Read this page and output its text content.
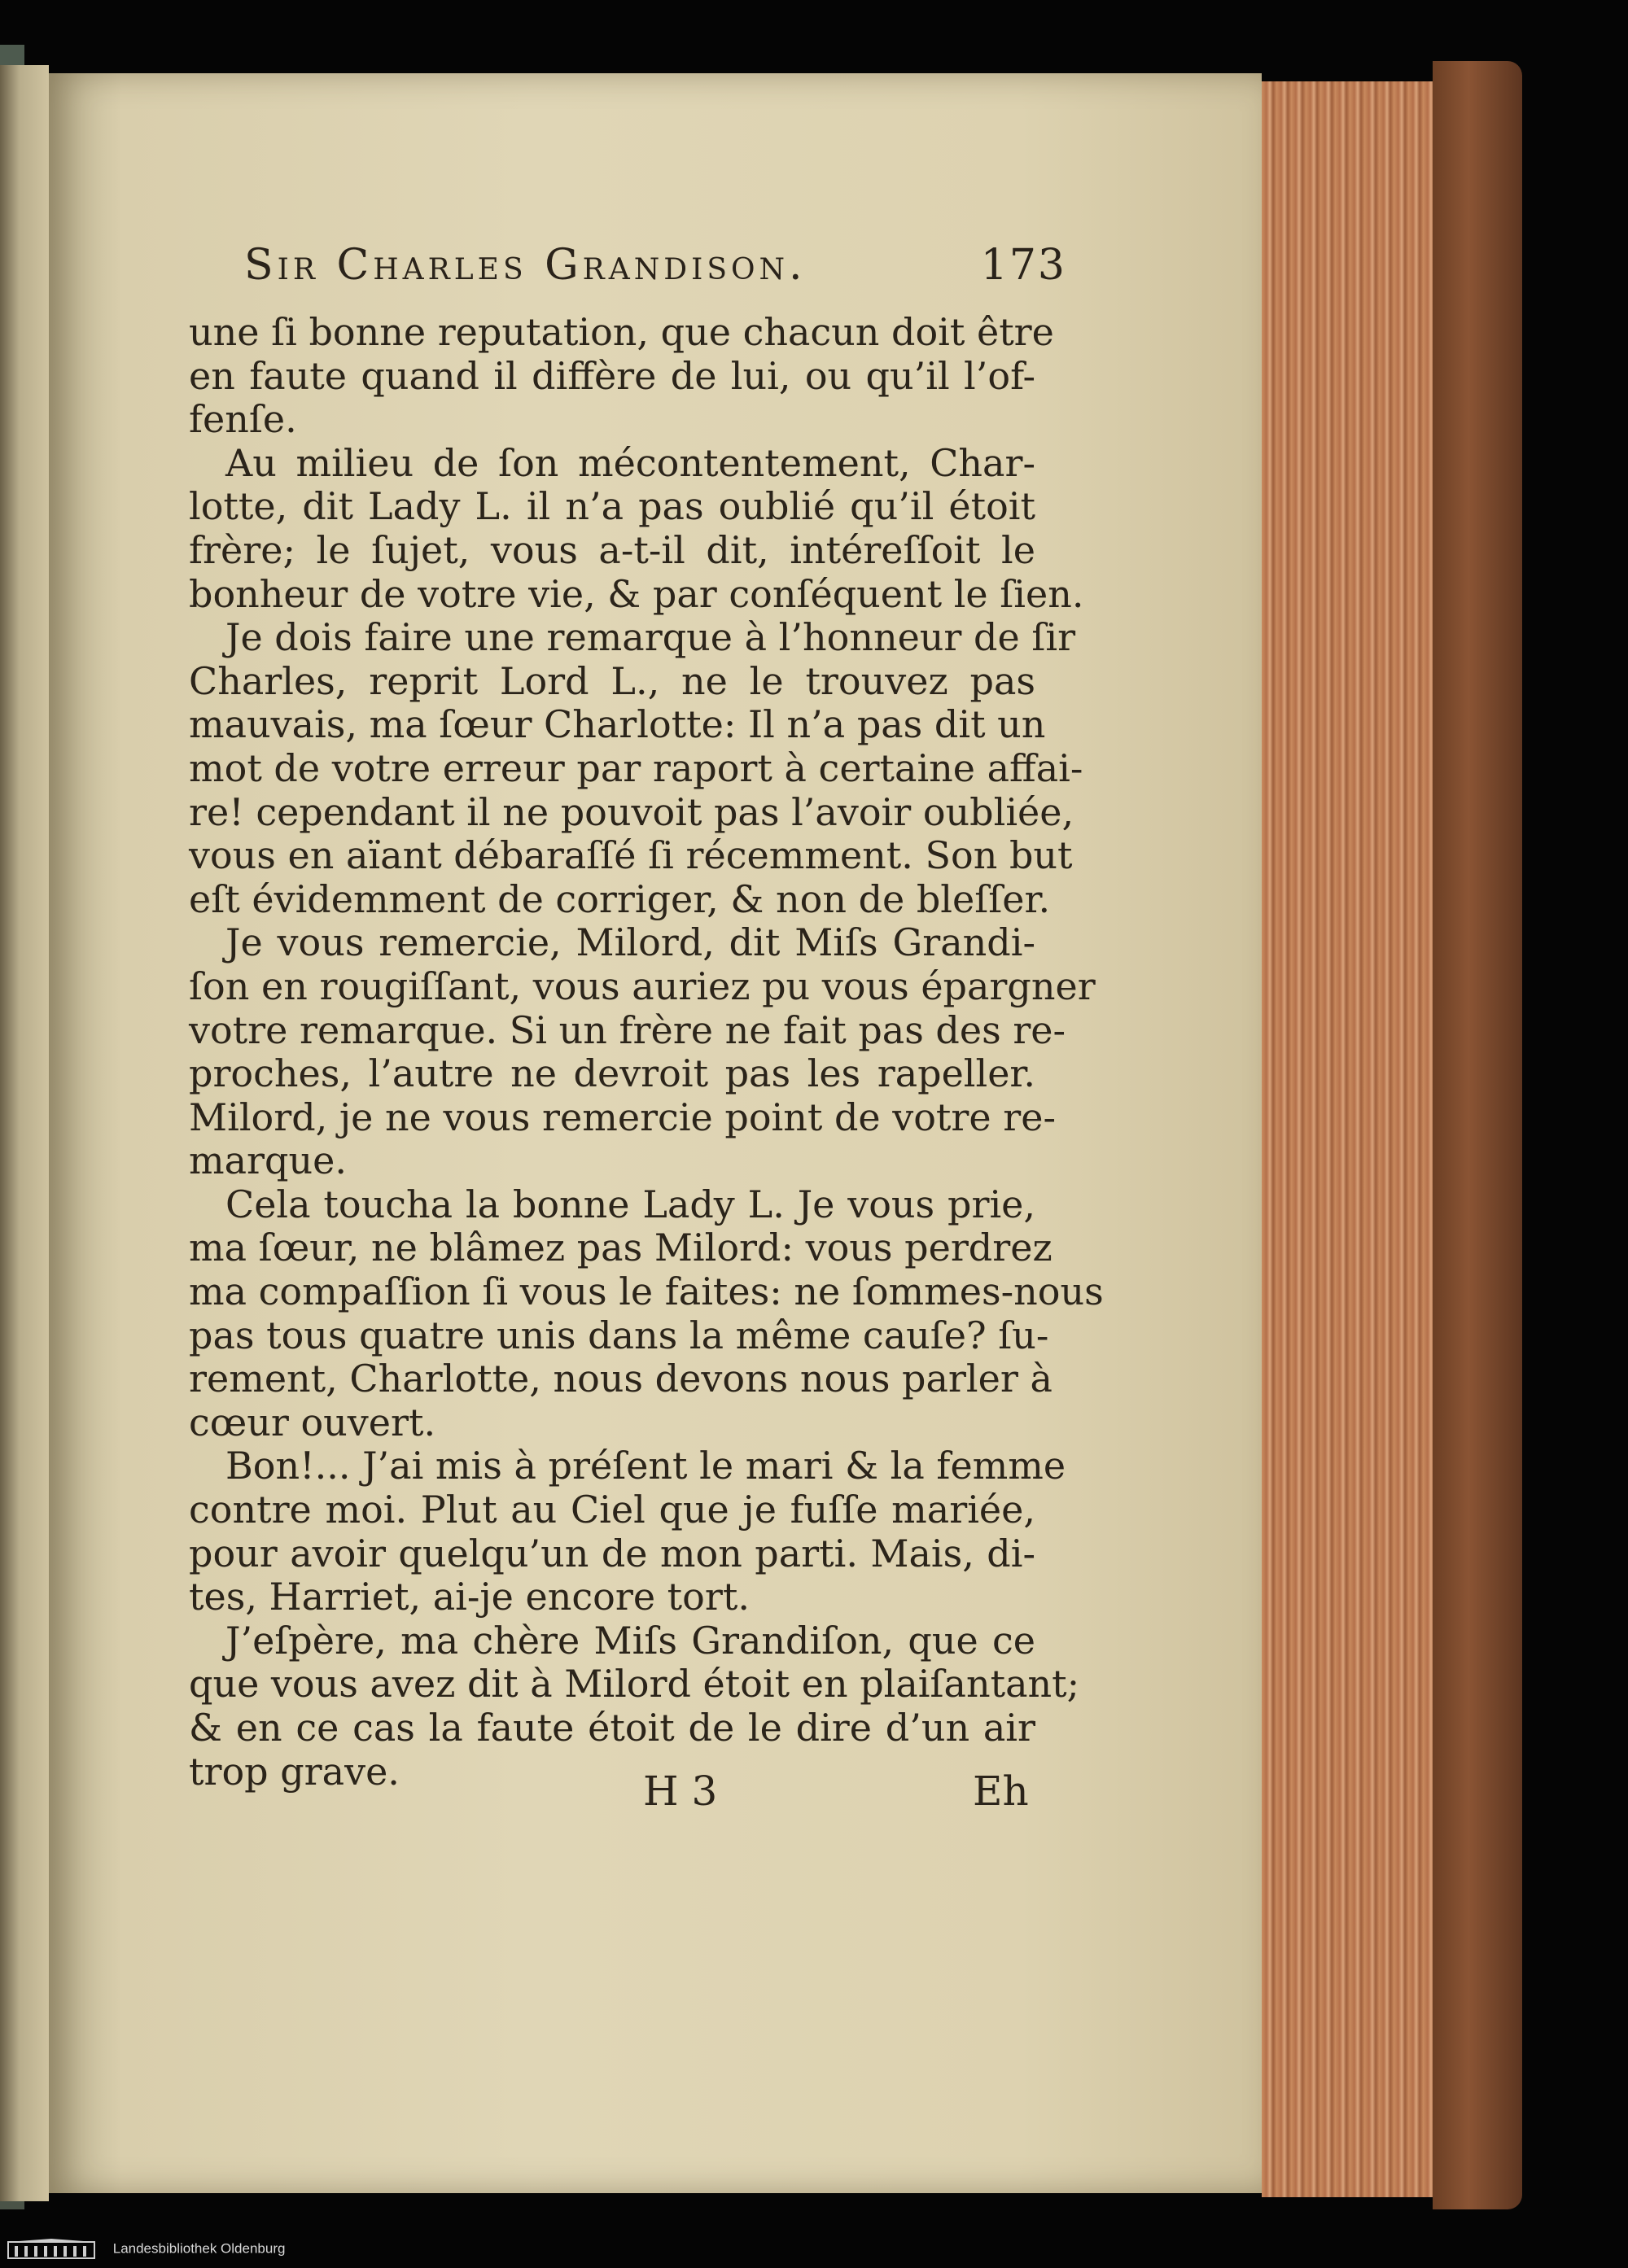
Sir Charles Grandison.	173
une ſi bonne reputation, que chacun doit être
en faute quand il diffère de lui, ou qu’il l’of-
fenſe.
Au milieu de ſon mécontentement, Char-
lotte, dit Lady L. il n’a pas oublié qu’il étoit
frère; le ſujet, vous a-t-il dit, intéreſſoit le
bonheur de votre vie, & par conſéquent le ſien.
Je dois faire une remarque à l’honneur de ſir
Charles, reprit Lord L., ne le trouvez pas
mauvais, ma ſœur Charlotte: Il n’a pas dit un
mot de votre erreur par raport à certaine affai-
re! cependant il ne pouvoit pas l’avoir oubliée,
vous en aïant débaraſſé ſi récemment. Son but
eſt évidemment de corriger, & non de bleſſer.
Je vous remercie, Milord, dit Miſs Grandi-
ſon en rougiſſant, vous auriez pu vous épargner
votre remarque. Si un frère ne fait pas des re-
proches, l’autre ne devroit pas les rapeller.
Milord, je ne vous remercie point de votre re-
marque.
Cela toucha la bonne Lady L. Je vous prie,
ma ſœur, ne blâmez pas Milord: vous perdrez
ma compaſſion ſi vous le faites: ne ſommes-nous
pas tous quatre unis dans la même cauſe? ſu-
rement, Charlotte, nous devons nous parler à
cœur ouvert.
Bon!... J’ai mis à préſent le mari & la femme
contre moi. Plut au Ciel que je fuſſe mariée,
pour avoir quelqu’un de mon parti. Mais, di-
tes, Harriet, ai-je encore tort.
J’eſpère, ma chère Miſs Grandiſon, que ce
que vous avez dit à Milord étoit en plaiſantant;
& en ce cas la faute étoit de le dire d’un air
trop grave.	H 3	Eh
Landesbibliothek Oldenburg
